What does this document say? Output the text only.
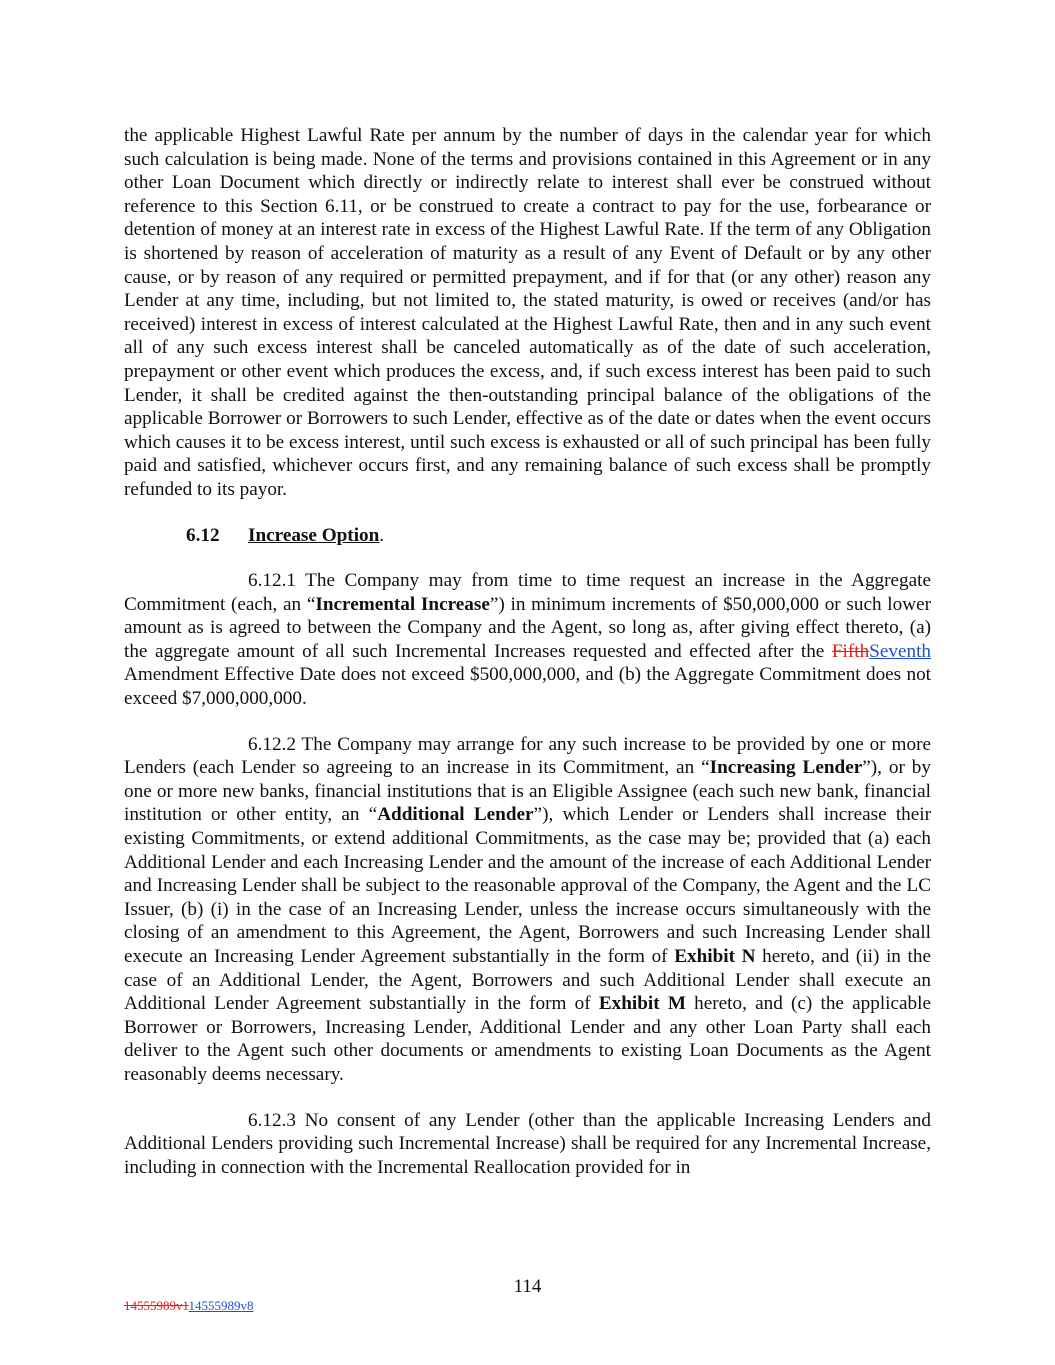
the applicable Highest Lawful Rate per annum by the number of days in the calendar year for which such calculation is being made. None of the terms and provisions contained in this Agreement or in any other Loan Document which directly or indirectly relate to interest shall ever be construed without reference to this Section 6.11, or be construed to create a contract to pay for the use, forbearance or detention of money at an interest rate in excess of the Highest Lawful Rate. If the term of any Obligation is shortened by reason of acceleration of maturity as a result of any Event of Default or by any other cause, or by reason of any required or permitted prepayment, and if for that (or any other) reason any Lender at any time, including, but not limited to, the stated maturity, is owed or receives (and/or has received) interest in excess of interest calculated at the Highest Lawful Rate, then and in any such event all of any such excess interest shall be canceled automatically as of the date of such acceleration, prepayment or other event which produces the excess, and, if such excess interest has been paid to such Lender, it shall be credited against the then-outstanding principal balance of the obligations of the applicable Borrower or Borrowers to such Lender, effective as of the date or dates when the event occurs which causes it to be excess interest, until such excess is exhausted or all of such principal has been fully paid and satisfied, whichever occurs first, and any remaining balance of such excess shall be promptly refunded to its payor.

6.12 Increase Option.

6.12.1 The Company may from time to time request an increase in the Aggregate Commitment (each, an “Incremental Increase”) in minimum increments of $50,000,000 or such lower amount as is agreed to between the Company and the Agent, so long as, after giving effect thereto, (a) the aggregate amount of all such Incremental Increases requested and effected after the FifthSeventh Amendment Effective Date does not exceed $500,000,000, and (b) the Aggregate Commitment does not exceed $7,000,000,000.

6.12.2 The Company may arrange for any such increase to be provided by one or more Lenders (each Lender so agreeing to an increase in its Commitment, an “Increasing Lender”), or by one or more new banks, financial institutions that is an Eligible Assignee (each such new bank, financial institution or other entity, an “Additional Lender”), which Lender or Lenders shall increase their existing Commitments, or extend additional Commitments, as the case may be; provided that (a) each Additional Lender and each Increasing Lender and the amount of the increase of each Additional Lender and Increasing Lender shall be subject to the reasonable approval of the Company, the Agent and the LC Issuer, (b) (i) in the case of an Increasing Lender, unless the increase occurs simultaneously with the closing of an amendment to this Agreement, the Agent, Borrowers and such Increasing Lender shall execute an Increasing Lender Agreement substantially in the form of Exhibit N hereto, and (ii) in the case of an Additional Lender, the Agent, Borrowers and such Additional Lender shall execute an Additional Lender Agreement substantially in the form of Exhibit M hereto, and (c) the applicable Borrower or Borrowers, Increasing Lender, Additional Lender and any other Loan Party shall each deliver to the Agent such other documents or amendments to existing Loan Documents as the Agent reasonably deems necessary.

6.12.3 No consent of any Lender (other than the applicable Increasing Lenders and Additional Lenders providing such Incremental Increase) shall be required for any Incremental Increase, including in connection with the Incremental Reallocation provided for in

114
14555989v114555989v8
